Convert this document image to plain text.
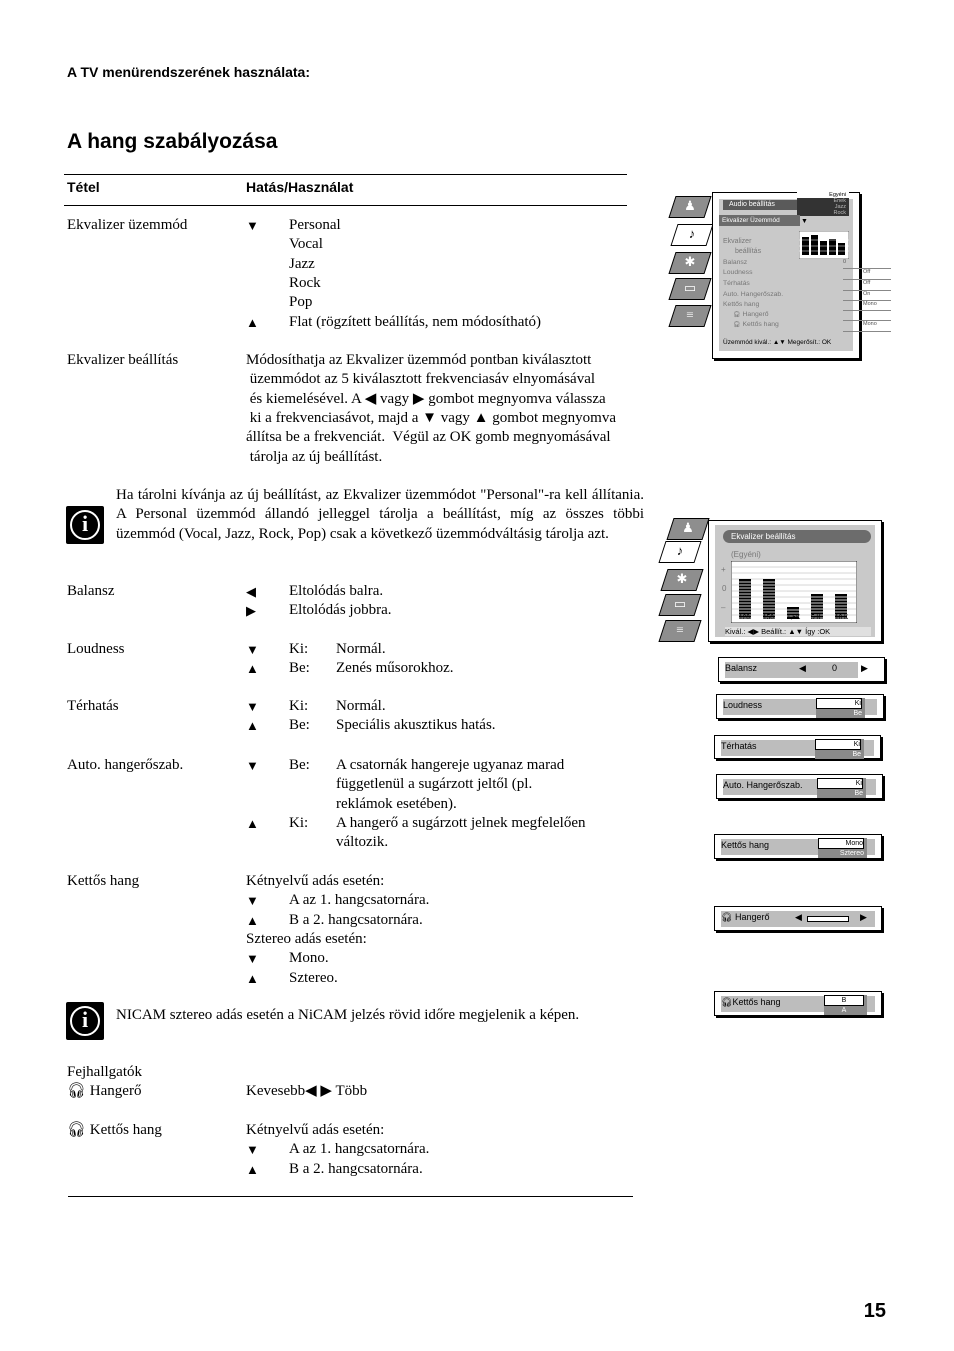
A TV menürendszerének használata:
A hang szabályozása
Tétel	Hatás/Használat
Ekvalizer üzemmód	▼ Personal
Vocal
Jazz
Rock
Pop
▲ Flat (rögzített beállítás, nem módosítható)
Ekvalizer beállítás	Módosíthatja az Ekvalizer üzemmód pontban kiválasztott
üzemmódot az 5 kiválasztott frekvenciasáv elnyomásával
és kiemelésével. A ◀ vagy ▶ gombot megnyomva válassza
ki a frekvenciasávot, majd a ▼ vagy ▲ gombot megnyomva
állítsa be a frekvenciát.  Végül az OK gomb megnyomásával
tárolja az új beállítást.
i
Ha tárolni kívánja az új beállítást, az Ekvalizer üzemmódot "Personal"-ra kell állítania. A Personal üzemmód állandó jelleggel tárolja a beállítást, míg az összes többi üzemmód (Vocal, Jazz, Rock, Pop) csak a következő üzemmódváltásig tárolja azt.
Balansz	◀ Eltolódás balra.
▶ Eltolódás jobbra.
Loudness	▼ Ki: Normál.
▲ Be: Zenés műsorokhoz.
Térhatás	▼ Ki: Normál.
▲ Be: Speciális akusztikus hatás.
Auto. hangerőszab.	▼ Be: A csatornák hangereje ugyanaz marad
függetlenül a sugárzott jeltől (pl.
reklámok esetében).
▲ Ki: A hangerő a sugárzott jelnek megfelelően
változik.
Kettős hang	Kétnyelvű adás esetén:
▼ A az 1. hangcsatornára.
▲ B a 2. hangcsatornára.
Sztereo adás esetén:
▼ Mono.
▲ Sztereo.
i	NICAM sztereo adás esetén a NiCAM jelzés rövid időre megjelenik a képen.
Fejhallgatók
🎧︎ Hangerő	Kevesebb◀ ▶ Több
🎧︎ Kettős hang	Kétnyelvű adás esetén:
▼ A az 1. hangcsatornára.
▲ B a 2. hangcsatornára.
15
♟
♪
✱
▭
≡
Audio beállítás
Egyéni
Ének
Jazz
Rock
Ekvalizer Üzemmód	▼
Ekvalizer
beállítás
Balansz
Loudness
Térhatás
Auto. Hangerőszab.
Kettős hang
🎧︎ Hangerő
🎧︎ Kettős hang
0
Off
Off
On
Mono
Mono
Üzemmód kivál.: ▲▼ Megerősít.: OK
♟
♪
✱
▭
≡
Ekvalizer beállítás
(Egyéni)
+
0
–
120 150 1,5K 5 K 10 K
Kivál.: ◀▶ Beállít.: ▲▼ Így :OK
Balansz	◀	0	▶
Loudness	Ki
Be
Térhatás	Ki
Be
Auto. Hangerőszab.	Ki
Be
Kettős hang	Mono
Sztereo
🎧︎ Hangerő	◀	▶
🎧︎Kettős hang	B
A
